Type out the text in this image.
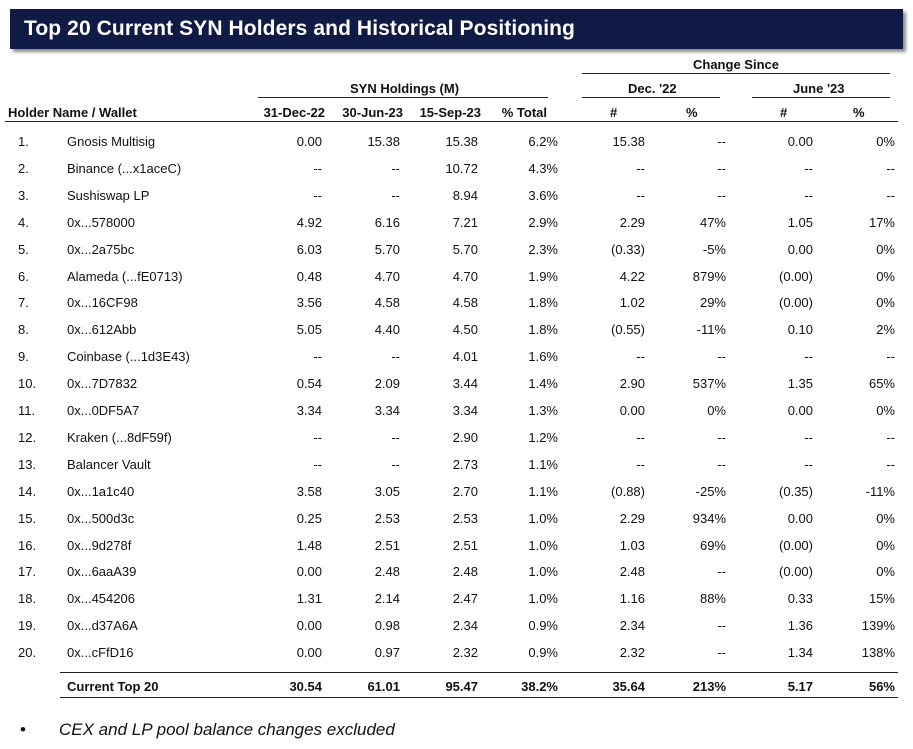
Top 20 Current SYN Holders and Historical Positioning
Change Since
SYN Holdings (M)	Dec. '22	June '23
Holder Name / Wallet	31-Dec-22	30-Jun-23	15-Sep-23	% Total	#	%	#	%
1.	Gnosis Multisig	0.00	15.38	15.38	6.2%	15.38	--	0.00	0%
2.	Binance (...x1aceC)	--	--	10.72	4.3%	--	--	--	--
3.	Sushiswap LP	--	--	8.94	3.6%	--	--	--	--
4.	0x...578000	4.92	6.16	7.21	2.9%	2.29	47%	1.05	17%
5.	0x...2a75bc	6.03	5.70	5.70	2.3%	(0.33)	-5%	0.00	0%
6.	Alameda (...fE0713)	0.48	4.70	4.70	1.9%	4.22	879%	(0.00)	0%
7.	0x...16CF98	3.56	4.58	4.58	1.8%	1.02	29%	(0.00)	0%
8.	0x...612Abb	5.05	4.40	4.50	1.8%	(0.55)	-11%	0.10	2%
9.	Coinbase (...1d3E43)	--	--	4.01	1.6%	--	--	--	--
10.	0x...7D7832	0.54	2.09	3.44	1.4%	2.90	537%	1.35	65%
11.	0x...0DF5A7	3.34	3.34	3.34	1.3%	0.00	0%	0.00	0%
12.	Kraken (...8dF59f)	--	--	2.90	1.2%	--	--	--	--
13.	Balancer Vault	--	--	2.73	1.1%	--	--	--	--
14.	0x...1a1c40	3.58	3.05	2.70	1.1%	(0.88)	-25%	(0.35)	-11%
15.	0x...500d3c	0.25	2.53	2.53	1.0%	2.29	934%	0.00	0%
16.	0x...9d278f	1.48	2.51	2.51	1.0%	1.03	69%	(0.00)	0%
17.	0x...6aaA39	0.00	2.48	2.48	1.0%	2.48	--	(0.00)	0%
18.	0x...454206	1.31	2.14	2.47	1.0%	1.16	88%	0.33	15%
19.	0x...d37A6A	0.00	0.98	2.34	0.9%	2.34	--	1.36	139%
20.	0x...cFfD16	0.00	0.97	2.32	0.9%	2.32	--	1.34	138%
Current Top 20	30.54	61.01	95.47	38.2%	35.64	213%	5.17	56%
• CEX and LP pool balance changes excluded
